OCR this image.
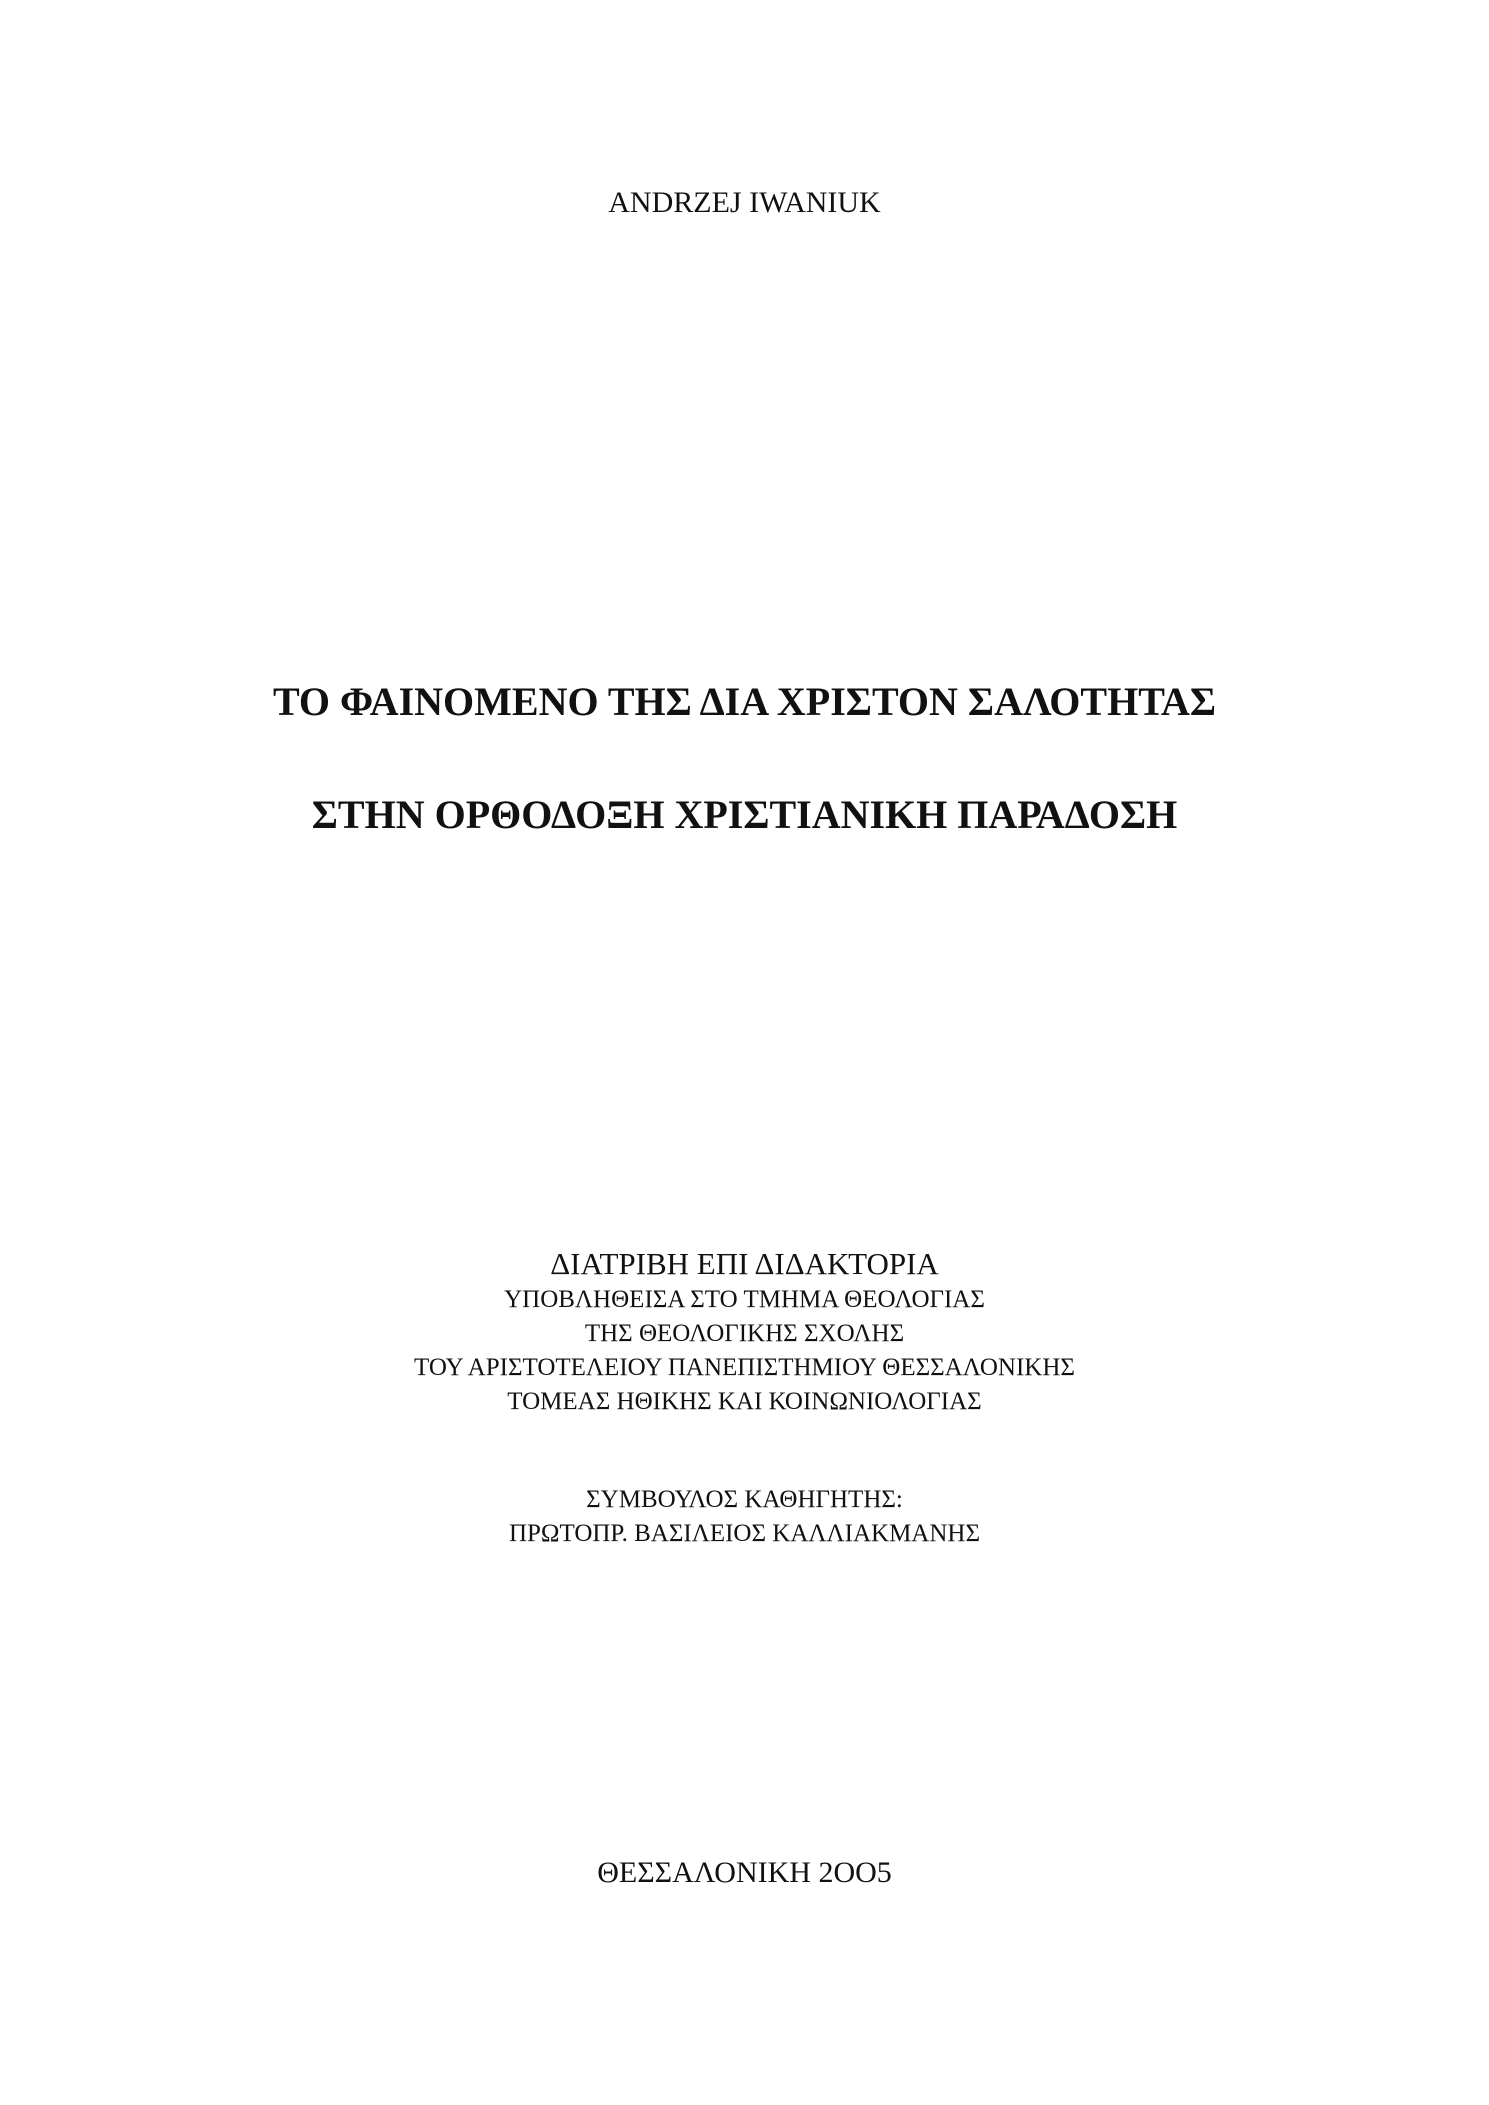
ANDRZEJ IWANIUK
ΤΟ ΦΑΙΝΟΜΕΝΟ ΤΗΣ ΔΙΑ ΧΡΙΣΤΟΝ ΣΑΛΟΤΗΤΑΣ
ΣΤΗΝ ΟΡΘΟΔΟΞΗ ΧΡΙΣΤΙΑΝΙΚΗ ΠΑΡΑΔΟΣΗ
ΔΙΑΤΡΙΒΗ ΕΠΙ ΔΙΔΑΚΤΟΡΙΑ
ΥΠΟΒΛΗΘΕΙΣΑ ΣΤΟ ΤΜΗΜΑ ΘΕΟΛΟΓΙΑΣ
ΤΗΣ ΘΕΟΛΟΓΙΚΗΣ ΣΧΟΛΗΣ
ΤΟΥ ΑΡΙΣΤΟΤΕΛΕΙΟΥ ΠΑΝΕΠΙΣΤΗΜΙΟΥ ΘΕΣΣΑΛΟΝΙΚΗΣ
ΤΟΜΕΑΣ ΗΘΙΚΗΣ ΚΑΙ ΚΟΙΝΩΝΙΟΛΟΓΙΑΣ
ΣΥΜΒΟΥΛΟΣ ΚΑΘΗΓΗΤΗΣ:
ΠΡΩΤΟΠΡ. ΒΑΣΙΛΕΙΟΣ ΚΑΛΛΙΑΚΜΑΝΗΣ
ΘΕΣΣΑΛΟΝΙΚΗ 2OO5
